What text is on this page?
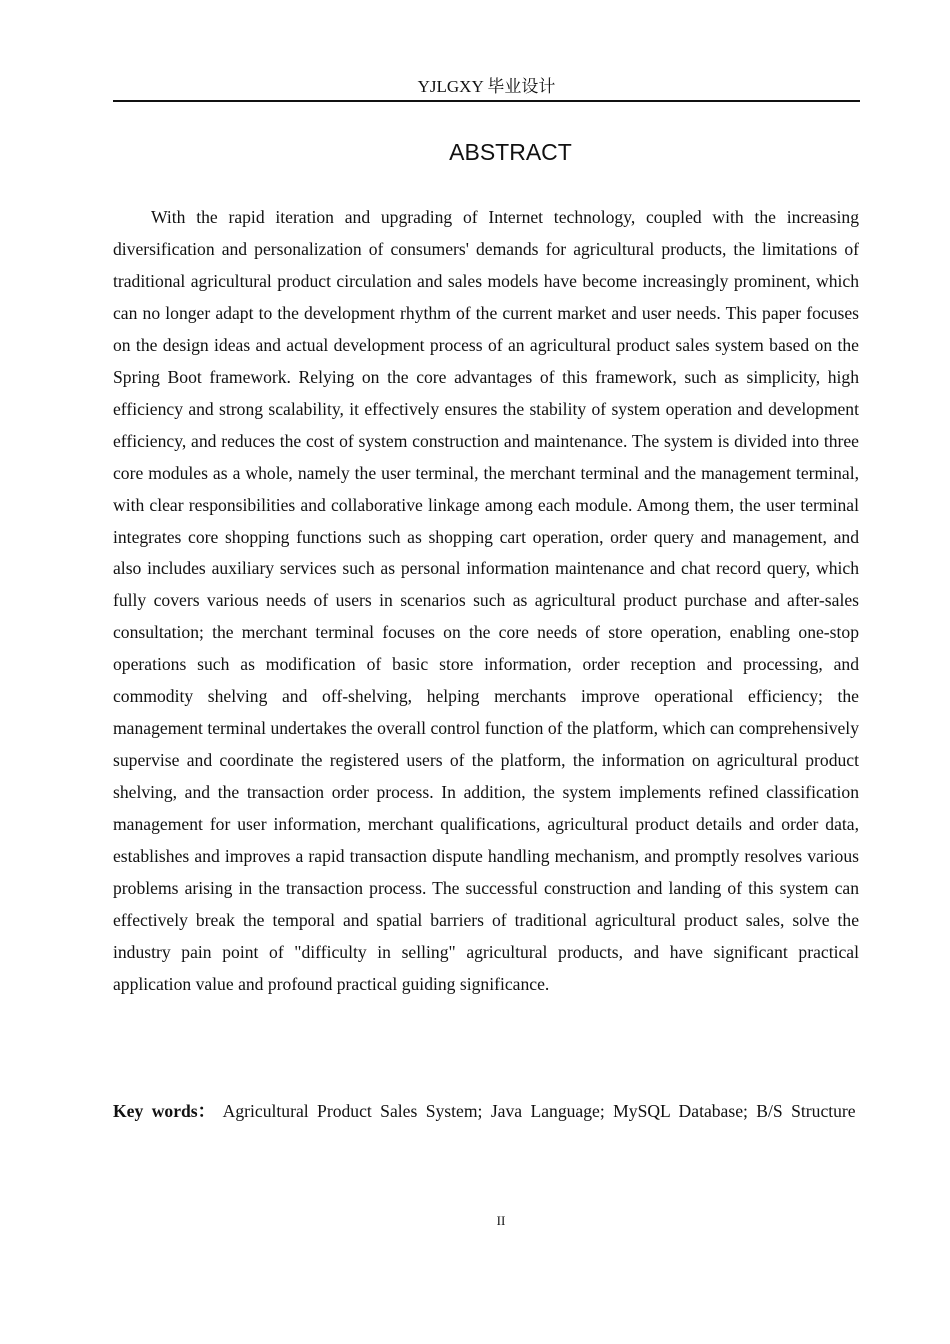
YJLGXY 毕业设计
ABSTRACT

With the rapid iteration and upgrading of Internet technology, coupled with the increasing diversification and personalization of consumers' demands for agricultural products, the limitations of traditional agricultural product circulation and sales models have become increasingly prominent, which can no longer adapt to the development rhythm of the current market and user needs. This paper focuses on the design ideas and actual development process of an agricultural product sales system based on the Spring Boot framework. Relying on the core advantages of this framework, such as simplicity, high efficiency and strong scalability, it effectively ensures the stability of system operation and development efficiency, and reduces the cost of system construction and maintenance. The system is divided into three core modules as a whole, namely the user terminal, the merchant terminal and the management terminal, with clear responsibilities and collaborative linkage among each module. Among them, the user terminal integrates core shopping functions such as shopping cart operation, order query and management, and also includes auxiliary services such as personal information maintenance and chat record query, which fully covers various needs of users in scenarios such as agricultural product purchase and after-sales consultation; the merchant terminal focuses on the core needs of store operation, enabling one-stop operations such as modification of basic store information, order reception and processing, and commodity shelving and off-shelving, helping merchants improve operational efficiency; the management terminal undertakes the overall control function of the platform, which can comprehensively supervise and coordinate the registered users of the platform, the information on agricultural product shelving, and the transaction order process. In addition, the system implements refined classification management for user information, merchant qualifications, agricultural product details and order data, establishes and improves a rapid transaction dispute handling mechanism, and promptly resolves various problems arising in the transaction process. The successful construction and landing of this system can effectively break the temporal and spatial barriers of traditional agricultural product sales, solve the industry pain point of "difficulty in selling" agricultural products, and have significant practical application value and profound practical guiding significance.

Key words： Agricultural Product Sales System; Java Language; MySQL Database; B/S Structure

II
